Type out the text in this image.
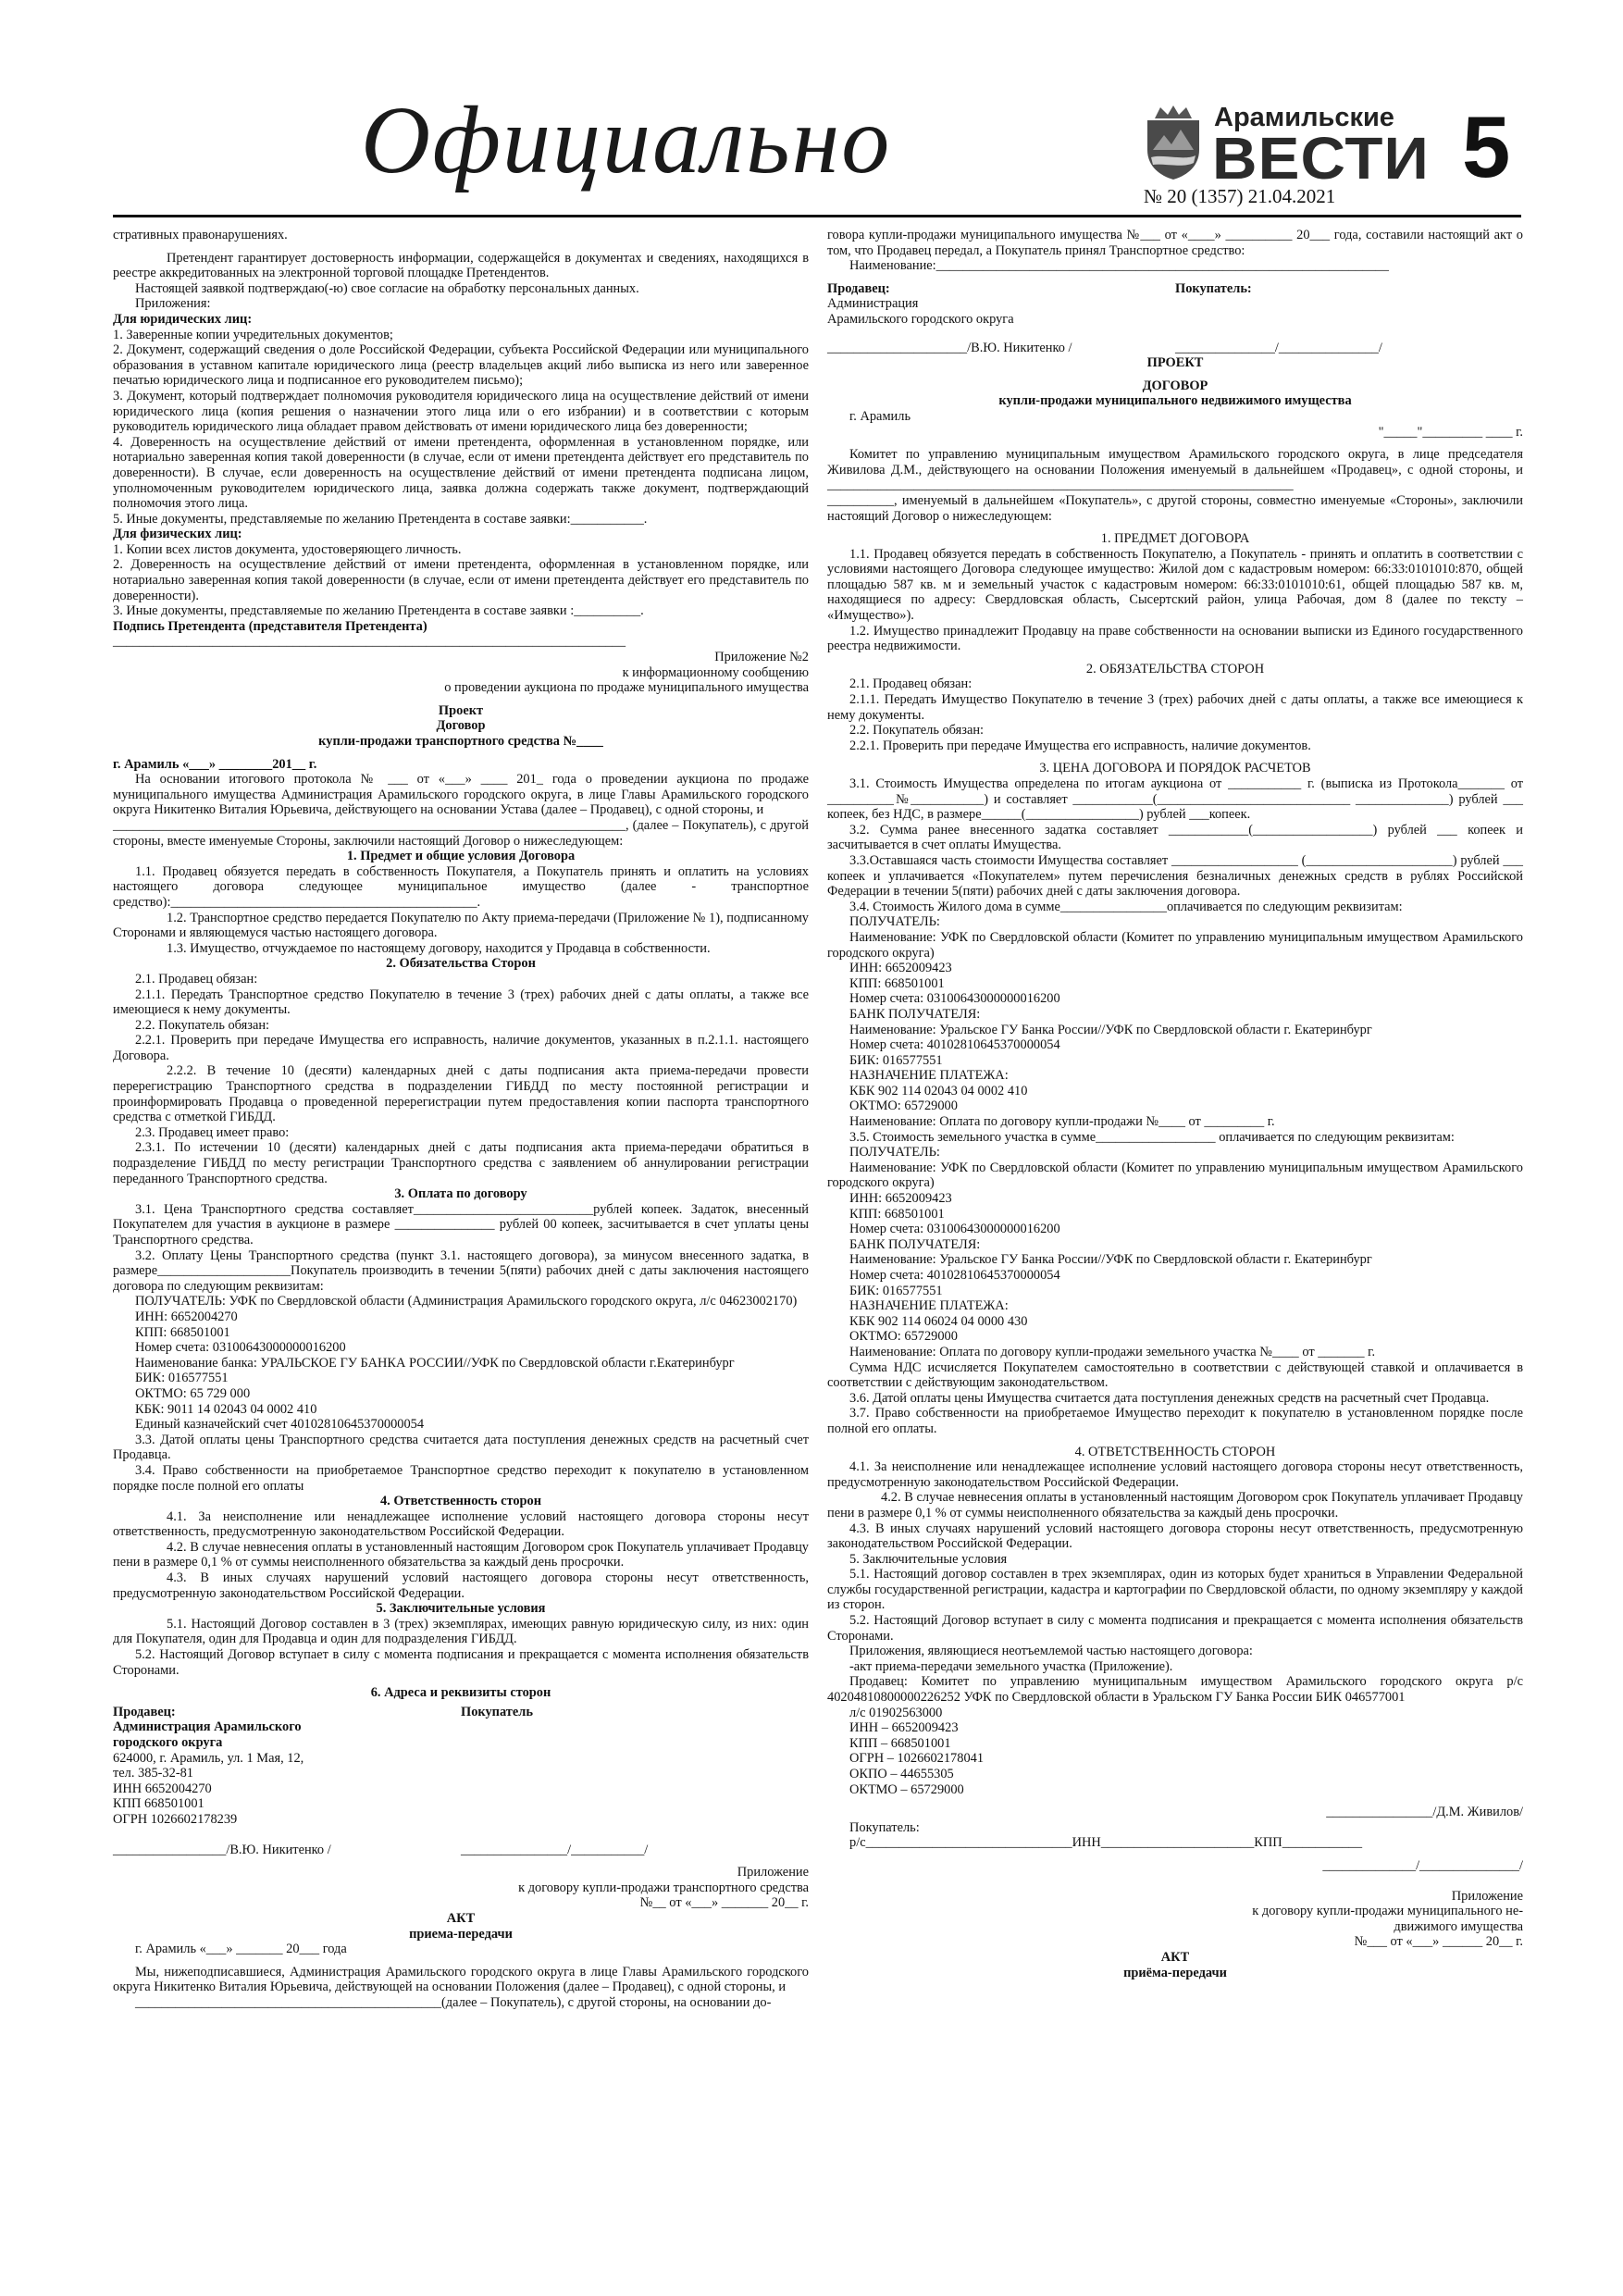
Официально	Арамильские
ВЕСТИ
№ 20 (1357) 21.04.2021
5

стративных правонарушениях.

Претендент гарантирует достоверность информации, содержащейся в документах и сведениях, находящихся в реестре аккредитованных на электронной торговой площадке Претендентов.

Настоящей заявкой подтверждаю(-ю) свое согласие на обработку персональных данных.

Приложения:

Для юридических лиц:

1. Заверенные копии учредительных документов;

2. Документ, содержащий сведения о доле Российской Федерации, субъекта Российской Федерации или муниципального образования в уставном капитале юридического лица (реестр владельцев акций либо выписка из него или заверенное печатью юридического лица и подписанное его руководителем письмо);

3. Документ, который подтверждает полномочия руководителя юридического лица на осуществление действий от имени юридического лица (копия решения о назначении этого лица или о его избрании) и в соответствии с которым руководитель юридического лица обладает правом действовать от имени юридического лица без доверенности;

4. Доверенность на осуществление действий от имени претендента, оформленная в установленном порядке, или нотариально заверенная копия такой доверенности (в случае, если от имени претендента действует его представитель по доверенности). В случае, если доверенность на осуществление действий от имени претендента подписана лицом, уполномоченным руководителем юридического лица, заявка должна содержать также документ, подтверждающий полномочия этого лица.

5. Иные документы, представляемые по желанию Претендента в составе заявки:___________.

Для физических лиц:

1. Копии всех листов документа, удостоверяющего личность.

2. Доверенность на осуществление действий от имени претендента, оформленная в установленном порядке, или нотариально заверенная копия такой доверенности (в случае, если от имени претендента действует его представитель по доверенности).

3. Иные документы, представляемые по желанию Претендента в составе заявки :__________.

Подпись Претендента (представителя Претендента)

_____________________________________________________________________________

Приложение №2

к информационному сообщению

о проведении аукциона по продаже муниципального имущества

Проект

Договор

купли-продажи транспортного средства №____

г. Арамиль «___» ________201__ г.

На основании итогового протокола № ___ от «___» ____ 201_ года о проведении аукциона по продаже муниципального имущества Администрация Арамильского городского округа, в лице Главы Арамильского городского округа Никитенко Виталия Юрьевича, действующего на основании Устава (далее – Продавец), с одной стороны, и

_____________________________________________________________________________, (далее – Покупатель), с другой стороны, вместе именуемые Стороны, заключили настоящий Договор о нижеследующем:

1. Предмет и общие условия Договора

1.1. Продавец обязуется передать в собственность Покупателя, а Покупатель принять и оплатить на условиях настоящего договора следующее муниципальное имущество (далее - транспортное средство):______________________________________________.

1.2. Транспортное средство передается Покупателю по Акту приема-передачи (Приложение № 1), подписанному Сторонами и являющемуся частью настоящего договора.

1.3. Имущество, отчуждаемое по настоящему договору, находится у Продавца в собственности.

2. Обязательства Сторон

2.1. Продавец обязан:

2.1.1. Передать Транспортное средство Покупателю в течение 3 (трех) рабочих дней с даты оплаты, а также все имеющиеся к нему документы.

2.2. Покупатель обязан:

2.2.1. Проверить при передаче Имущества его исправность, наличие документов, указанных в п.2.1.1. настоящего Договора.

2.2.2. В течение 10 (десяти) календарных дней с даты подписания акта приема-передачи провести перерегистрацию Транспортного средства в подразделении ГИБДД по месту постоянной регистрации и проинформировать Продавца о проведенной перерегистрации путем предоставления копии паспорта транспортного средства с отметкой ГИБДД.

2.3. Продавец имеет право:

2.3.1. По истечении 10 (десяти) календарных дней с даты подписания акта приема-передачи обратиться в подразделение ГИБДД по месту регистрации Транспортного средства с заявлением об аннулировании регистрации переданного Транспортного средства.

3. Оплата по договору

3.1. Цена Транспортного средства составляет___________________________рублей копеек. Задаток, внесенный Покупателем для участия в аукционе в размере _______________ рублей 00 копеек, засчитывается в счет уплаты цены Транспортного средства.

3.2. Оплату Цены Транспортного средства (пункт 3.1. настоящего договора), за минусом внесенного задатка, в размере____________________Покупатель производить в течении 5(пяти) рабочих дней с даты заключения настоящего договора по следующим реквизитам:

ПОЛУЧАТЕЛЬ: УФК по Свердловской области (Администрация Арамильского городского округа, л/с 04623002170)

ИНН: 6652004270

КПП: 668501001

Номер счета: 03100643000000016200

Наименование банка: УРАЛЬСКОЕ ГУ БАНКА РОССИИ//УФК по Свердловской области г.Екатеринбург

БИК: 016577551

ОКТМО: 65 729 000

КБК: 9011 14 02043 04 0002 410

Единый казначейский счет 40102810645370000054

3.3. Датой оплаты цены Транспортного средства считается дата поступления денежных средств на расчетный счет Продавца.

3.4. Право собственности на приобретаемое Транспортное средство переходит к покупателю в установленном порядке после полной его оплаты

4. Ответственность сторон

4.1. За неисполнение или ненадлежащее исполнение условий настоящего договора стороны несут ответственность, предусмотренную законодательством Российской Федерации.

4.2. В случае невнесения оплаты в установленный настоящим Договором срок Покупатель уплачивает Продавцу пени в размере 0,1 % от суммы неисполненного обязательства за каждый день просрочки.

4.3. В иных случаях нарушений условий настоящего договора стороны несут ответственность, предусмотренную законодательством Российской Федерации.

5. Заключительные условия

5.1. Настоящий Договор составлен в 3 (трех) экземплярах, имеющих равную юридическую силу, из них: один для Покупателя, один для Продавца и один для подразделения ГИБДД.

5.2. Настоящий Договор вступает в силу с момента подписания и прекращается с момента исполнения обязательств Сторонами.

6. Адреса и реквизиты сторон

Продавец:

Администрация Арамильского

городского округа

624000, г. Арамиль, ул. 1 Мая, 12,

тел. 385-32-81

ИНН 6652004270

КПП 668501001

ОГРН 1026602178239

Покупатель

_________________/В.Ю. Никитенко /	________________/___________/

Приложение

к договору купли-продажи транспортного средства

№__ от «___» _______ 20__ г.

АКТ

приема-передачи

г. Арамиль «___» _______ 20___ года

Мы, нижеподписавшиеся, Администрация Арамильского городского округа в лице Главы Арамильского городского округа Никитенко Виталия Юрьевича, действующей на основании Положения (далее – Продавец), с одной стороны, и

______________________________________________(далее – Покупатель), с другой стороны, на основании до-

говора купли-продажи муниципального имущества №___ от «____» __________ 20___ года, составили настоящий акт о том, что Продавец передал, а Покупатель принял Транспортное средство:

Наименование:____________________________________________________________________

Продавец:

Администрация

Арамильского городского округа

Покупатель:

_____________________/В.Ю. Никитенко /	_______________/_______________/

ПРОЕКТ

ДОГОВОР

купли-продажи муниципального недвижимого имущества

г. Арамиль

"_____"_________ ____ г.

Комитет по управлению муниципальным имуществом Арамильского городского округа, в лице председателя Живилова Д.М., действующего на основании Положения именуемый в дальнейшем «Продавец», с одной стороны, и ______________________________________________________________________

__________, именуемый в дальнейшем «Покупатель», с другой стороны, совместно именуемые «Стороны», заключили настоящий Договор о нижеследующем:

1. ПРЕДМЕТ ДОГОВОРА

1.1. Продавец обязуется передать в собственность Покупателю, а Покупатель - принять и оплатить в соответствии с условиями настоящего Договора следующее имущество: Жилой дом с кадастровым номером: 66:33:0101010:870, общей площадью 587 кв. м и земельный участок с кадастровым номером: 66:33:0101010:61, общей площадью 587 кв. м, находящиеся по адресу: Свердловская область, Сысертский район, улица Рабочая, дом 8 (далее по тексту – «Имущество»).

1.2. Имущество принадлежит Продавцу на праве собственности на основании выписки из Единого государственного реестра недвижимости.

2. ОБЯЗАТЕЛЬСТВА СТОРОН

2.1. Продавец обязан:

2.1.1. Передать Имущество Покупателю в течение 3 (трех) рабочих дней с даты оплаты, а также все имеющиеся к нему документы.

2.2. Покупатель обязан:

2.2.1. Проверить при передаче Имущества его исправность, наличие документов.

3. ЦЕНА ДОГОВОРА И ПОРЯДОК РАСЧЕТОВ

3.1. Стоимость Имущества определена по итогам аукциона от ___________ г. (выписка из Протокола_______ от __________№___________) и составляет ____________(_____________________________ ______________) рублей ___ копеек, без НДС, в размере______(_________________) рублей ___копеек.

3.2. Сумма ранее внесенного задатка составляет ____________(__________________) рублей ___ копеек и засчитывается в счет оплаты Имущества.

3.3.Оставшаяся часть стоимости Имущества составляет ___________________ (______________________) рублей ___ копеек и уплачивается «Покупателем» путем перечисления безналичных денежных средств в рублях Российской Федерации в течении 5(пяти) рабочих дней с даты заключения договора.

3.4. Стоимость Жилого дома в сумме________________оплачивается по следующим реквизитам:

ПОЛУЧАТЕЛЬ:

Наименование: УФК по Свердловской области (Комитет по управлению муниципальным имуществом Арамильского городского округа)

ИНН: 6652009423

КПП: 668501001

Номер счета: 03100643000000016200

БАНК ПОЛУЧАТЕЛЯ:

Наименование: Уральское ГУ Банка России//УФК по Свердловской области г. Екатеринбург

Номер счета: 40102810645370000054

БИК: 016577551

НАЗНАЧЕНИЕ ПЛАТЕЖА:

КБК 902 114 02043 04 0002 410

ОКТМО: 65729000

Наименование: Оплата по договору купли-продажи №____ от _________ г.

3.5. Стоимость земельного участка в сумме__________________ оплачивается по следующим реквизитам:

ПОЛУЧАТЕЛЬ:

Наименование: УФК по Свердловской области (Комитет по управлению муниципальным имуществом Арамильского городского округа)

ИНН: 6652009423

КПП: 668501001

Номер счета: 03100643000000016200

БАНК ПОЛУЧАТЕЛЯ:

Наименование: Уральское ГУ Банка России//УФК по Свердловской области г. Екатеринбург

Номер счета: 40102810645370000054

БИК: 016577551

НАЗНАЧЕНИЕ ПЛАТЕЖА:

КБК 902 114 06024 04 0000 430

ОКТМО: 65729000

Наименование: Оплата по договору купли-продажи земельного участка №____ от _______ г.

Сумма НДС исчисляется Покупателем самостоятельно в соответствии с действующей ставкой и оплачивается в соответствии с действующим законодательством.

3.6. Датой оплаты цены Имущества считается дата поступления денежных средств на расчетный счет Продавца.

3.7. Право собственности на приобретаемое Имущество переходит к покупателю в установленном порядке после полной его оплаты.

4. ОТВЕТСТВЕННОСТЬ СТОРОН

4.1. За неисполнение или ненадлежащее исполнение условий настоящего договора стороны несут ответственность, предусмотренную законодательством Российской Федерации.

4.2. В случае невнесения оплаты в установленный настоящим Договором срок Покупатель уплачивает Продавцу пени в размере 0,1 % от суммы неисполненного обязательства за каждый день просрочки.

4.3. В иных случаях нарушений условий настоящего договора стороны несут ответственность, предусмотренную законодательством Российской Федерации.

5. Заключительные условия

5.1. Настоящий договор составлен в трех экземплярах, один из которых будет храниться в Управлении Федеральной службы государственной регистрации, кадастра и картографии по Свердловской области, по одному экземпляру у каждой из сторон.

5.2. Настоящий Договор вступает в силу с момента подписания и прекращается с момента исполнения обязательств Сторонами.

Приложения, являющиеся неотъемлемой частью настоящего договора:

-акт приема-передачи земельного участка (Приложение).

Продавец: Комитет по управлению муниципальным имуществом Арамильского городского округа р/с 40204810800000226252 УФК по Свердловской области в Уральском ГУ Банка России БИК 046577001

л/с 01902563000

ИНН – 6652009423

КПП – 668501001

ОГРН – 1026602178041

ОКПО – 44655305

ОКТМО – 65729000

________________/Д.М. Живилов/

Покупатель:

р/с_______________________________ИНН_______________________КПП____________

______________/_______________/

Приложение

к договору купли-продажи муниципального не-

движимого имущества

№___ от «___» ______ 20__ г.

АКТ

приёма-передачи
